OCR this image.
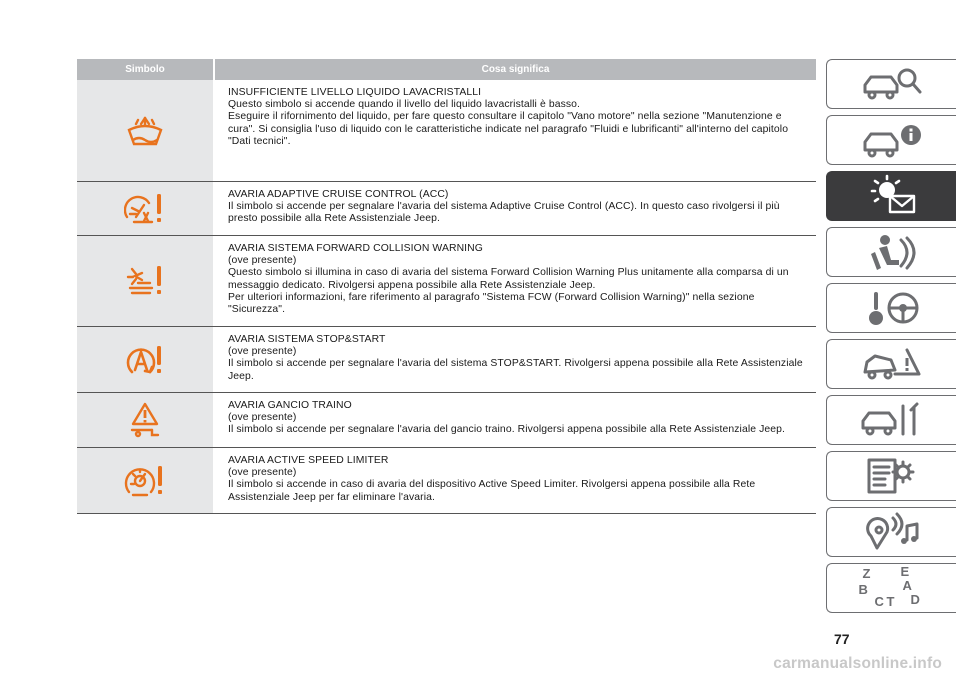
Simbolo	Cosa significa

INSUFFICIENTE LIVELLO LIQUIDO LAVACRISTALLI

Questo simbolo si accende quando il livello del liquido lavacristalli è basso.

Eseguire il rifornimento del liquido, per fare questo consultare il capitolo "Vano motore" nella sezione "Manutenzione e cura". Si consiglia l'uso di liquido con le caratteristiche indicate nel paragrafo "Fluidi e lubrificanti" all'interno del capitolo "Dati tecnici".

AVARIA ADAPTIVE CRUISE CONTROL (ACC)

Il simbolo si accende per segnalare l'avaria del sistema Adaptive Cruise Control (ACC). In questo caso rivolgersi il più presto possibile alla Rete Assistenziale Jeep.

AVARIA SISTEMA FORWARD COLLISION WARNING

(ove presente)

Questo simbolo si illumina in caso di avaria del sistema Forward Collision Warning Plus unitamente alla comparsa di un messaggio dedicato. Rivolgersi appena possibile alla Rete Assistenziale Jeep.

Per ulteriori informazioni, fare riferimento al paragrafo "Sistema FCW (Forward Collision Warning)" nella sezione "Sicurezza".

AVARIA SISTEMA STOP&START

(ove presente)

Il simbolo si accende per segnalare l'avaria del sistema STOP&START. Rivolgersi appena possibile alla Rete Assistenziale Jeep.

AVARIA GANCIO TRAINO

(ove presente)

Il simbolo si accende per segnalare l'avaria del gancio traino. Rivolgersi appena possibile alla Rete Assistenziale Jeep.

AVARIA ACTIVE SPEED LIMITER

(ove presente)

Il simbolo si accende in caso di avaria del dispositivo Active Speed Limiter. Rivolgersi appena possibile alla Rete Assistenziale Jeep per far eliminare l'avaria.

Z E
A
B
C T D
77
carmanualsonline.info
